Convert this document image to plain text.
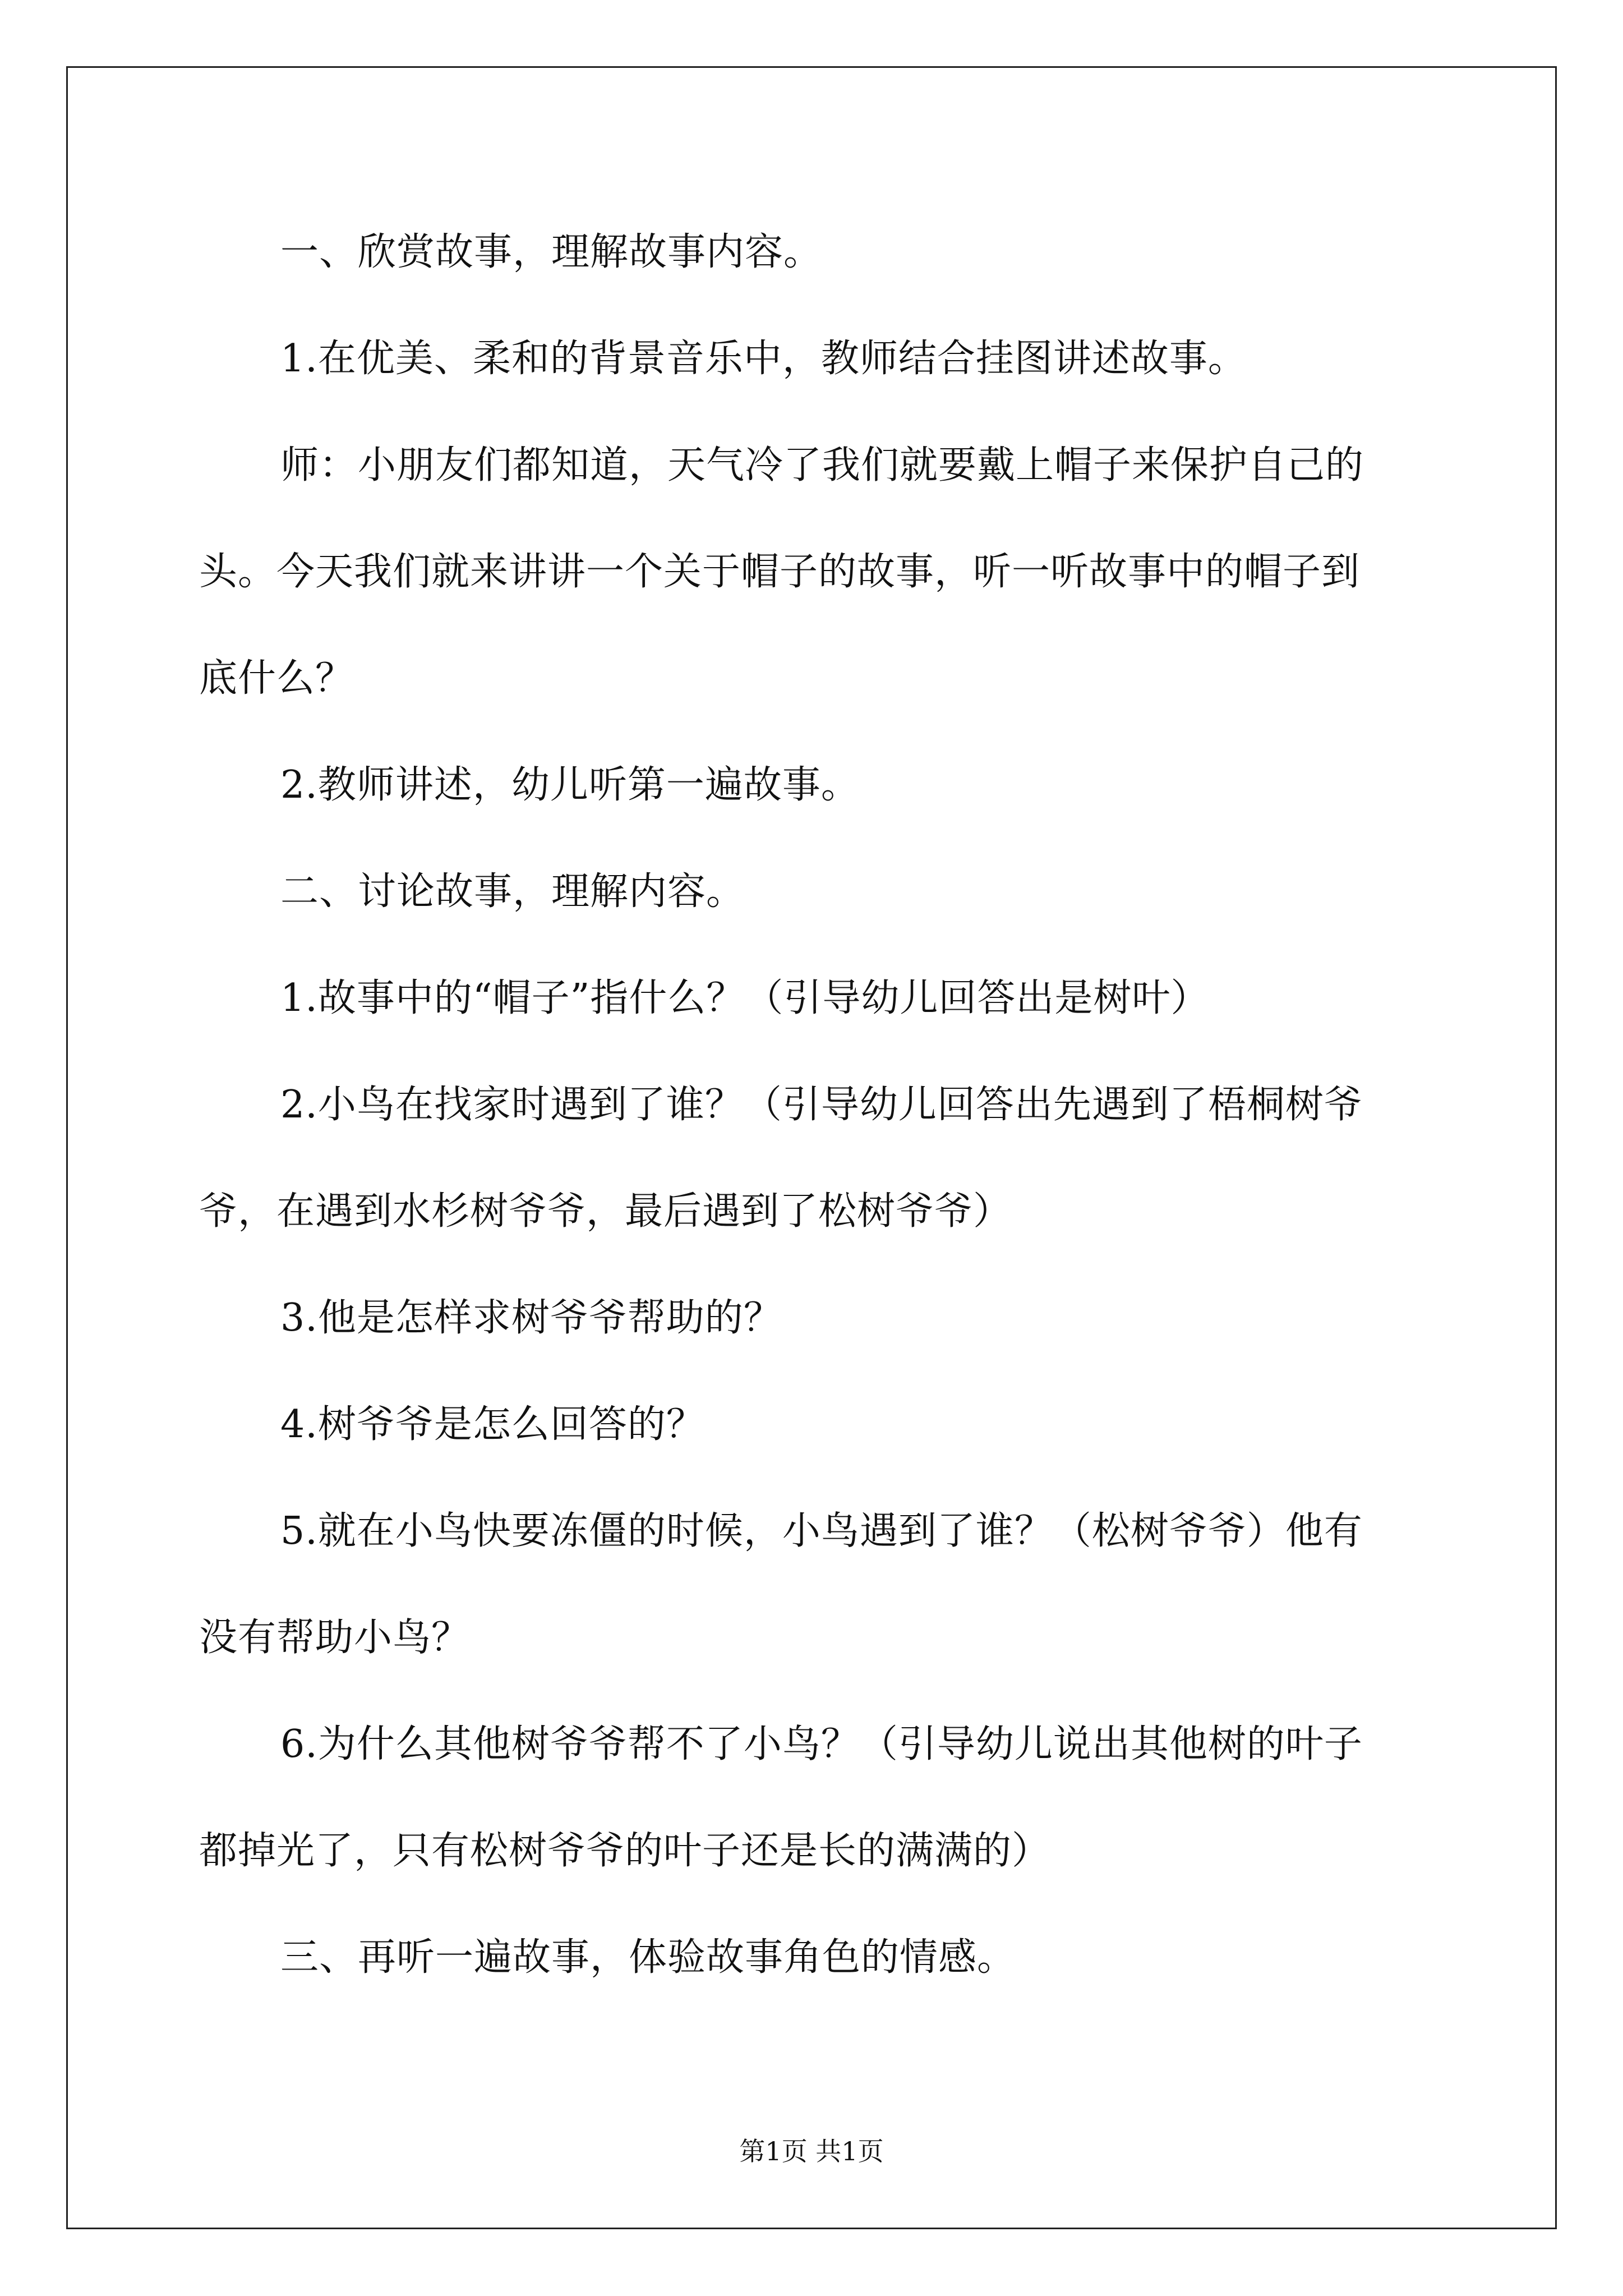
一、欣赏故事，理解故事内容。
1.在优美、柔和的背景音乐中，教师结合挂图讲述故事。
师：小朋友们都知道，天气冷了我们就要戴上帽子来保护自己的
头。今天我们就来讲讲一个关于帽子的故事，听一听故事中的帽子到
底什么？
2.教师讲述，幼儿听第一遍故事。
二、讨论故事，理解内容。
1.故事中的“帽子”指什么？（引导幼儿回答出是树叶）
2.小鸟在找家时遇到了谁？（引导幼儿回答出先遇到了梧桐树爷
爷，在遇到水杉树爷爷，最后遇到了松树爷爷）
3.他是怎样求树爷爷帮助的？
4.树爷爷是怎么回答的？
5.就在小鸟快要冻僵的时候，小鸟遇到了谁？（松树爷爷）他有
没有帮助小鸟？
6.为什么其他树爷爷帮不了小鸟？（引导幼儿说出其他树的叶子
都掉光了，只有松树爷爷的叶子还是长的满满的）
三、再听一遍故事，体验故事角色的情感。
第1页 共1页
